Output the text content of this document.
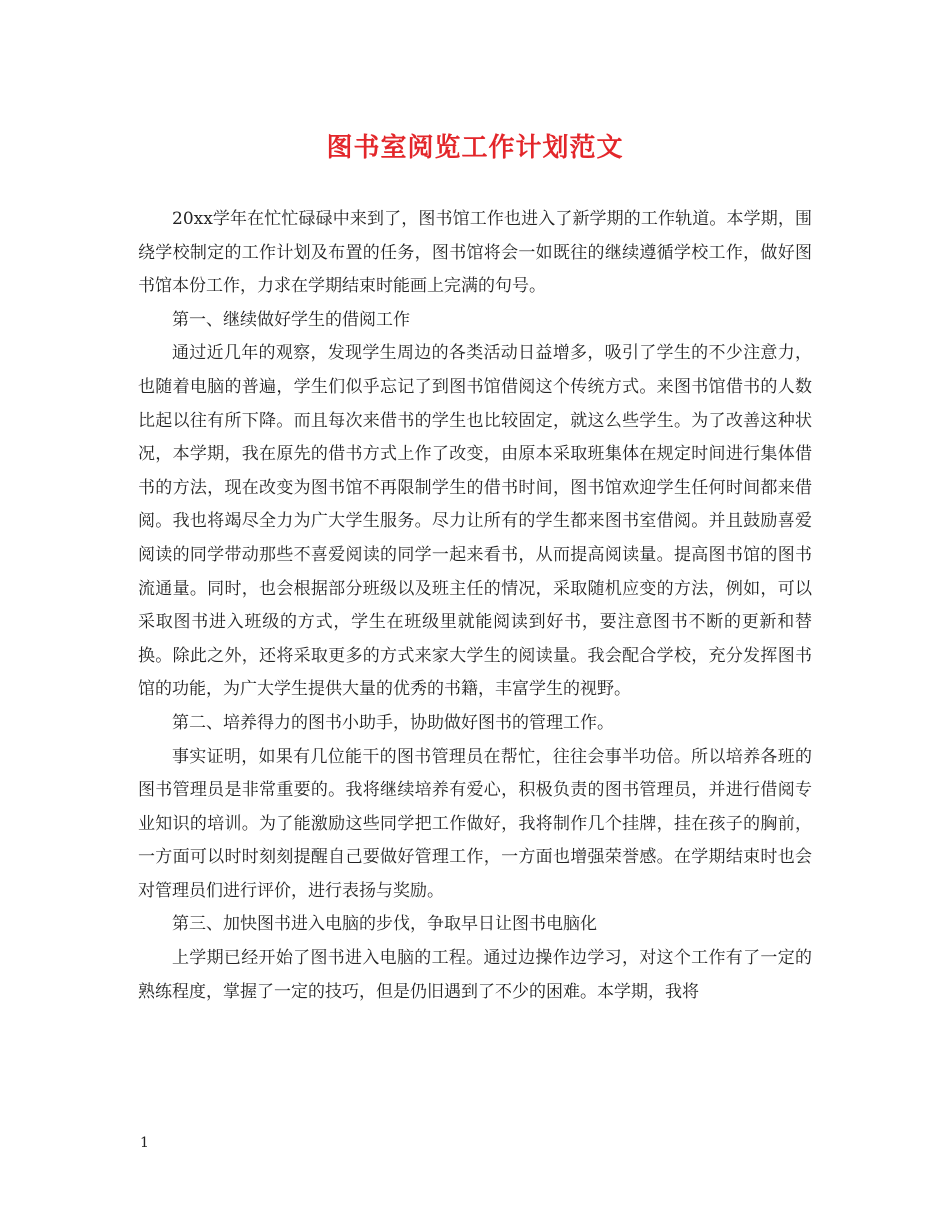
图书室阅览工作计划范文

20xx学年在忙忙碌碌中来到了，图书馆工作也进入了新学期的工作轨道。本学期，围绕学校制定的工作计划及布置的任务，图书馆将会一如既往的继续遵循学校工作，做好图书馆本份工作，力求在学期结束时能画上完满的句号。

第一、继续做好学生的借阅工作

通过近几年的观察，发现学生周边的各类活动日益增多，吸引了学生的不少注意力，也随着电脑的普遍，学生们似乎忘记了到图书馆借阅这个传统方式。来图书馆借书的人数比起以往有所下降。而且每次来借书的学生也比较固定，就这么些学生。为了改善这种状况，本学期，我在原先的借书方式上作了改变，由原本采取班集体在规定时间进行集体借书的方法，现在改变为图书馆不再限制学生的借书时间，图书馆欢迎学生任何时间都来借阅。我也将竭尽全力为广大学生服务。尽力让所有的学生都来图书室借阅。并且鼓励喜爱阅读的同学带动那些不喜爱阅读的同学一起来看书，从而提高阅读量。提高图书馆的图书流通量。同时，也会根据部分班级以及班主任的情况，采取随机应变的方法，例如，可以采取图书进入班级的方式，学生在班级里就能阅读到好书，要注意图书不断的更新和替换。除此之外，还将采取更多的方式来家大学生的阅读量。我会配合学校，充分发挥图书馆的功能，为广大学生提供大量的优秀的书籍，丰富学生的视野。

第二、培养得力的图书小助手，协助做好图书的管理工作。

事实证明，如果有几位能干的图书管理员在帮忙，往往会事半功倍。所以培养各班的图书管理员是非常重要的。我将继续培养有爱心，积极负责的图书管理员，并进行借阅专业知识的培训。为了能激励这些同学把工作做好，我将制作几个挂牌，挂在孩子的胸前，一方面可以时时刻刻提醒自己要做好管理工作，一方面也增强荣誉感。在学期结束时也会对管理员们进行评价，进行表扬与奖励。

第三、加快图书进入电脑的步伐，争取早日让图书电脑化

上学期已经开始了图书进入电脑的工程。通过边操作边学习，对这个工作有了一定的熟练程度，掌握了一定的技巧，但是仍旧遇到了不少的困难。本学期，我将

1
